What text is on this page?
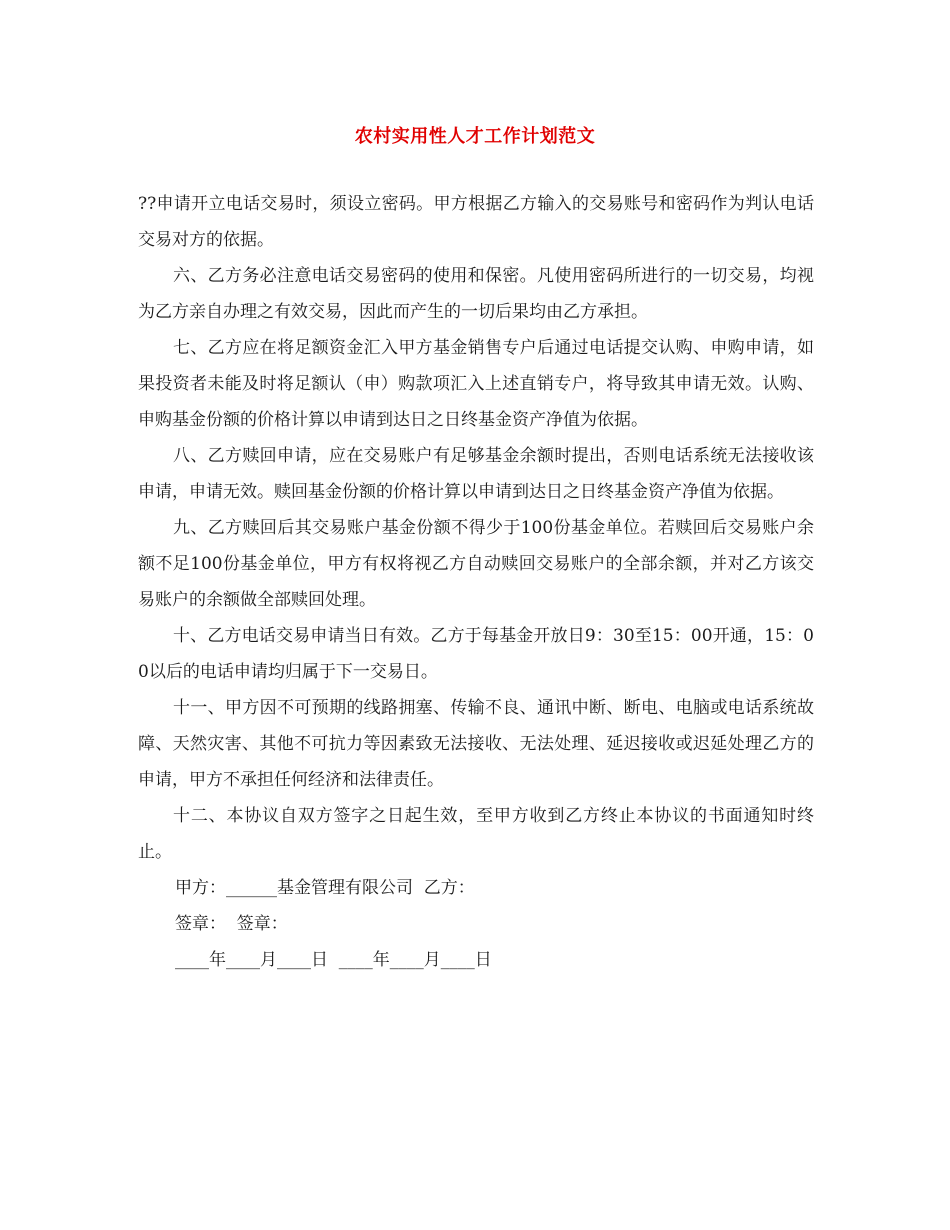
农村实用性人才工作计划范文

??申请开立电话交易时，须设立密码。甲方根据乙方输入的交易账号和密码作为判认电话交易对方的依据。

六、乙方务必注意电话交易密码的使用和保密。凡使用密码所进行的一切交易，均视为乙方亲自办理之有效交易，因此而产生的一切后果均由乙方承担。

七、乙方应在将足额资金汇入甲方基金销售专户后通过电话提交认购、申购申请，如果投资者未能及时将足额认（申）购款项汇入上述直销专户，将导致其申请无效。认购、申购基金份额的价格计算以申请到达日之日终基金资产净值为依据。

八、乙方赎回申请，应在交易账户有足够基金余额时提出，否则电话系统无法接收该申请，申请无效。赎回基金份额的价格计算以申请到达日之日终基金资产净值为依据。

九、乙方赎回后其交易账户基金份额不得少于100份基金单位。若赎回后交易账户余额不足100份基金单位，甲方有权将视乙方自动赎回交易账户的全部余额，并对乙方该交易账户的余额做全部赎回处理。

十、乙方电话交易申请当日有效。乙方于每基金开放日9：30至15：00开通，15：00以后的电话申请均归属于下一交易日。

十一、甲方因不可预期的线路拥塞、传输不良、通讯中断、断电、电脑或电话系统故障、天然灾害、其他不可抗力等因素致无法接收、无法处理、延迟接收或迟延处理乙方的申请，甲方不承担任何经济和法律责任。

十二、本协议自双方签字之日起生效，至甲方收到乙方终止本协议的书面通知时终止。

甲方：______基金管理有限公司  乙方：

签章：  签章：

____年____月____日  ____年____月____日
